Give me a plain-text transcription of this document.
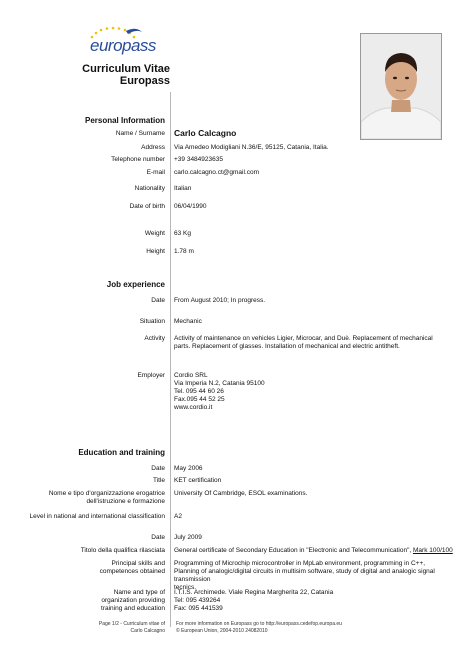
europass
Curriculum Vitae Europass
Personal Information
Name / Surname Carlo Calcagno
Address Via Amedeo Modigliani N.36/E, 95125, Catania, Italia.
Telephone number +39 3484923635
E-mail carlo.calcagno.ct@gmail.com
Nationality Italian
Date of birth 06/04/1990
Weight 63 Kg
Height 1.78 m
Job experience
Date From August 2010; In progress.
Situation Mechanic
Activity Activity of maintenance on vehicles Ligier, Microcar, and Duè. Replacement of mechanical
parts. Replacement of glasses. Installation of mechanical and electric antitheft.
Employer Cordio SRL
Via Imperia N.2, Catania 95100
Tel. 095 44 60 26
Fax.095 44 52 25
www.cordio.it
Education and training
Date May 2006
Title KET certification
Nome e tipo d'organizzazione erogatrice
dell'istruzione e formazione
University Of Cambridge, ESOL examinations.
Level in national and international classification A2
Date July 2009
Titolo della qualifica rilasciata General certificate of Secondary Education in "Electronic and Telecommunication", Mark 100/100
Principal skills and
competences obtained
Programming of Microchip microcontroller in MpLab environment, programming in C++,
Planning of analogic/digital circuits in multisim software, study of digital and analogic signal transmission
tecnics.
Name and type of
organization providing
training and education
I.T.I.S. Archimede. Viale Regina Margherita 22, Catania
Tel: 095 439264
Fax: 095 441539
Page 1/2 - Curriculum vitae of
Carlo Calcagno
For more information on Europass go to http://europass.cedefop.europa.eu
© European Union, 2004-2010 24082010
